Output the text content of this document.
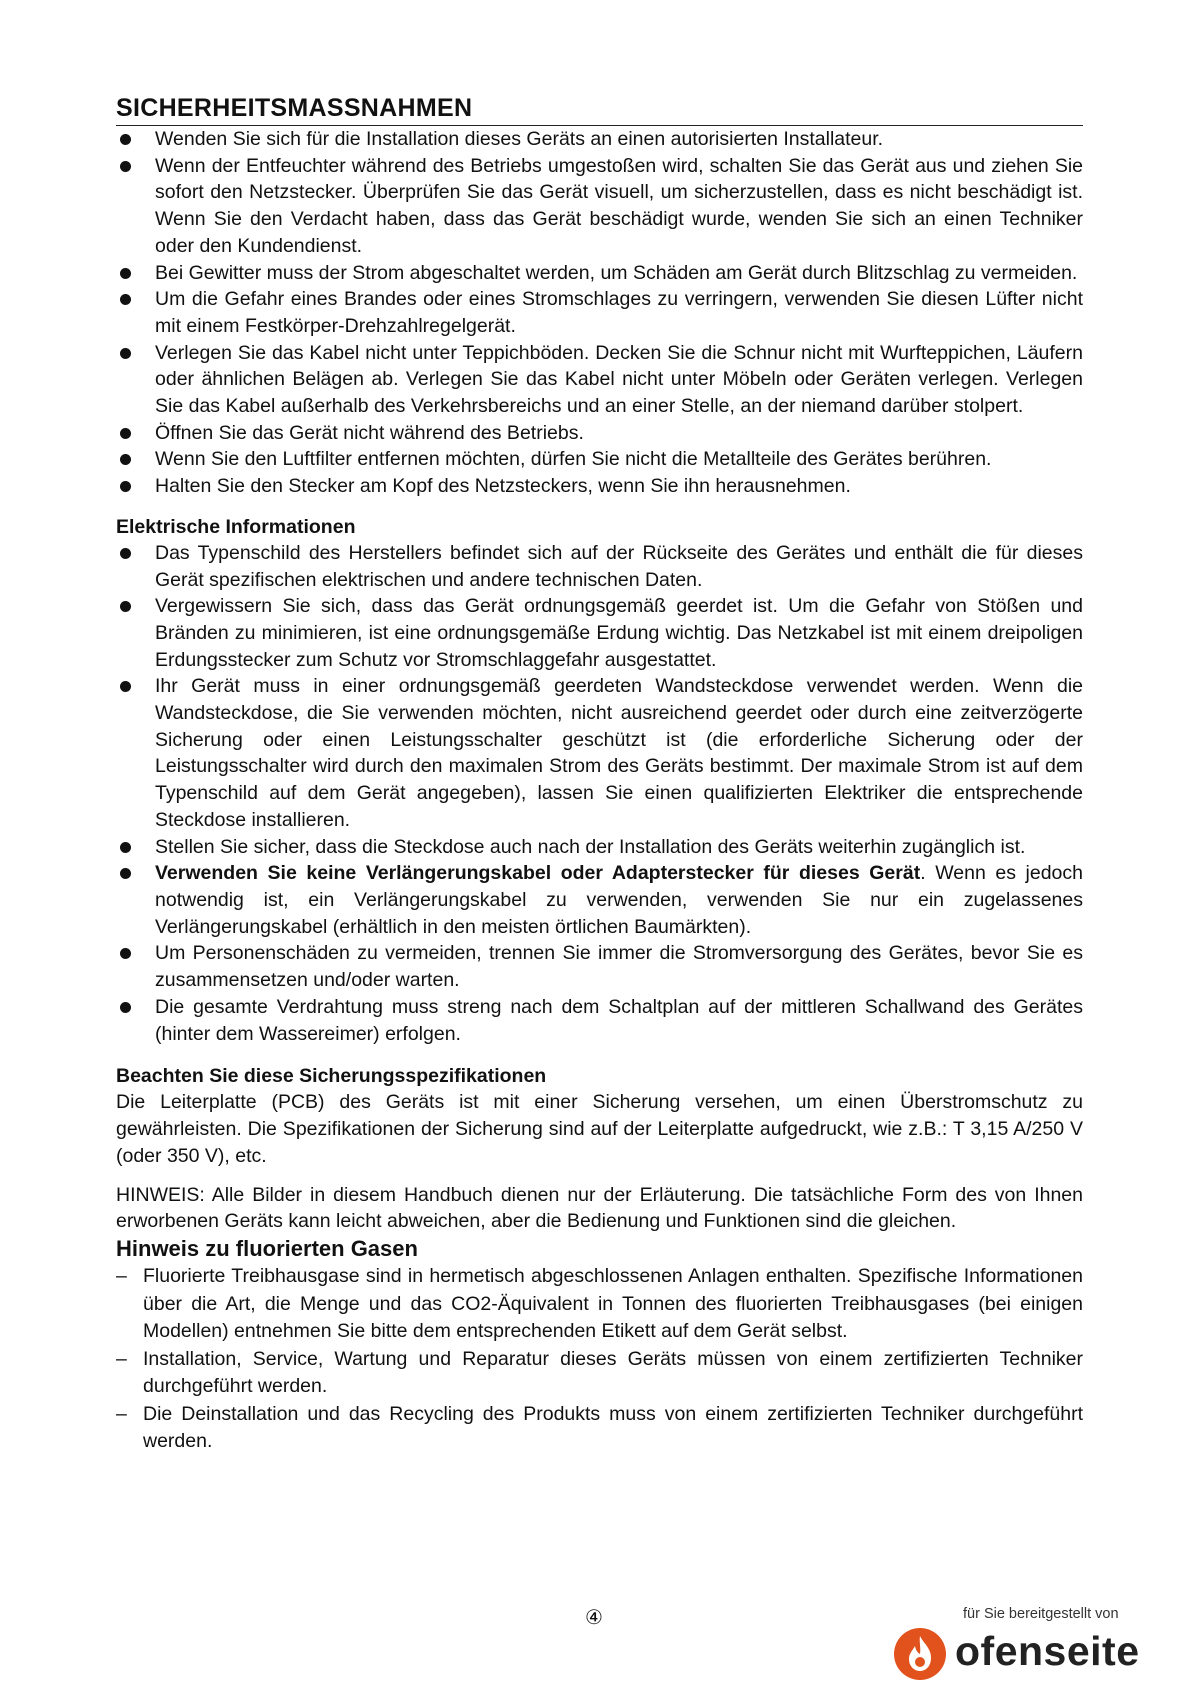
SICHERHEITSMASSNAHMEN
Wenden Sie sich für die Installation dieses Geräts an einen autorisierten Installateur.
Wenn der Entfeuchter während des Betriebs umgestoßen wird, schalten Sie das Gerät aus und ziehen Sie sofort den Netzstecker. Überprüfen Sie das Gerät visuell, um sicherzustellen, dass es nicht beschädigt ist. Wenn Sie den Verdacht haben, dass das Gerät beschädigt wurde, wenden Sie sich an einen Techniker oder den Kundendienst.
Bei Gewitter muss der Strom abgeschaltet werden, um Schäden am Gerät durch Blitzschlag zu vermeiden.
Um die Gefahr eines Brandes oder eines Stromschlages zu verringern, verwenden Sie diesen Lüfter nicht mit einem Festkörper-Drehzahlregelgerät.
Verlegen Sie das Kabel nicht unter Teppichböden. Decken Sie die Schnur nicht mit Wurfteppichen, Läufern oder ähnlichen Belägen ab. Verlegen Sie das Kabel nicht unter Möbeln oder Geräten verlegen. Verlegen Sie das Kabel außerhalb des Verkehrsbereichs und an einer Stelle, an der niemand darüber stolpert.
Öffnen Sie das Gerät nicht während des Betriebs.
Wenn Sie den Luftfilter entfernen möchten, dürfen Sie nicht die Metallteile des Gerätes berühren.
Halten Sie den Stecker am Kopf des Netzsteckers, wenn Sie ihn herausnehmen.
Elektrische Informationen
Das Typenschild des Herstellers befindet sich auf der Rückseite des Gerätes und enthält die für dieses Gerät spezifischen elektrischen und andere technischen Daten.
Vergewissern Sie sich, dass das Gerät ordnungsgemäß geerdet ist. Um die Gefahr von Stößen und Bränden zu minimieren, ist eine ordnungsgemäße Erdung wichtig. Das Netzkabel ist mit einem dreipoligen Erdungsstecker zum Schutz vor Stromschlaggefahr ausgestattet.
Ihr Gerät muss in einer ordnungsgemäß geerdeten Wandsteckdose verwendet werden. Wenn die Wandsteckdose, die Sie verwenden möchten, nicht ausreichend geerdet oder durch eine zeitverzögerte Sicherung oder einen Leistungsschalter geschützt ist (die erforderliche Sicherung oder der Leistungsschalter wird durch den maximalen Strom des Geräts bestimmt. Der maximale Strom ist auf dem Typenschild auf dem Gerät angegeben), lassen Sie einen qualifizierten Elektriker die entsprechende Steckdose installieren.
Stellen Sie sicher, dass die Steckdose auch nach der Installation des Geräts weiterhin zugänglich ist.
Verwenden Sie keine Verlängerungskabel oder Adapterstecker für dieses Gerät. Wenn es jedoch notwendig ist, ein Verlängerungskabel zu verwenden, verwenden Sie nur ein zugelassenes Verlängerungskabel (erhältlich in den meisten örtlichen Baumärkten).
Um Personenschäden zu vermeiden, trennen Sie immer die Stromversorgung des Gerätes, bevor Sie es zusammensetzen und/oder warten.
Die gesamte Verdrahtung muss streng nach dem Schaltplan auf der mittleren Schallwand des Gerätes (hinter dem Wassereimer) erfolgen.
Beachten Sie diese Sicherungsspezifikationen

Die Leiterplatte (PCB) des Geräts ist mit einer Sicherung versehen, um einen Überstromschutz zu gewährleisten. Die Spezifikationen der Sicherung sind auf der Leiterplatte aufgedruckt, wie z.B.: T 3,15 A/250 V (oder 350 V), etc.

HINWEIS: Alle Bilder in diesem Handbuch dienen nur der Erläuterung. Die tatsächliche Form des von Ihnen erworbenen Geräts kann leicht abweichen, aber die Bedienung und Funktionen sind die gleichen.

Hinweis zu fluorierten Gasen
– Fluorierte Treibhausgase sind in hermetisch abgeschlossenen Anlagen enthalten. Spezifische Informationen über die Art, die Menge und das CO2-Äquivalent in Tonnen des fluorierten Treibhausgases (bei einigen Modellen) entnehmen Sie bitte dem entsprechenden Etikett auf dem Gerät selbst.
– Installation, Service, Wartung und Reparatur dieses Geräts müssen von einem zertifizierten Techniker durchgeführt werden.
– Die Deinstallation und das Recycling des Produkts muss von einem zertifizierten Techniker durchgeführt werden.
④	für Sie bereitgestellt von
ofenseite
